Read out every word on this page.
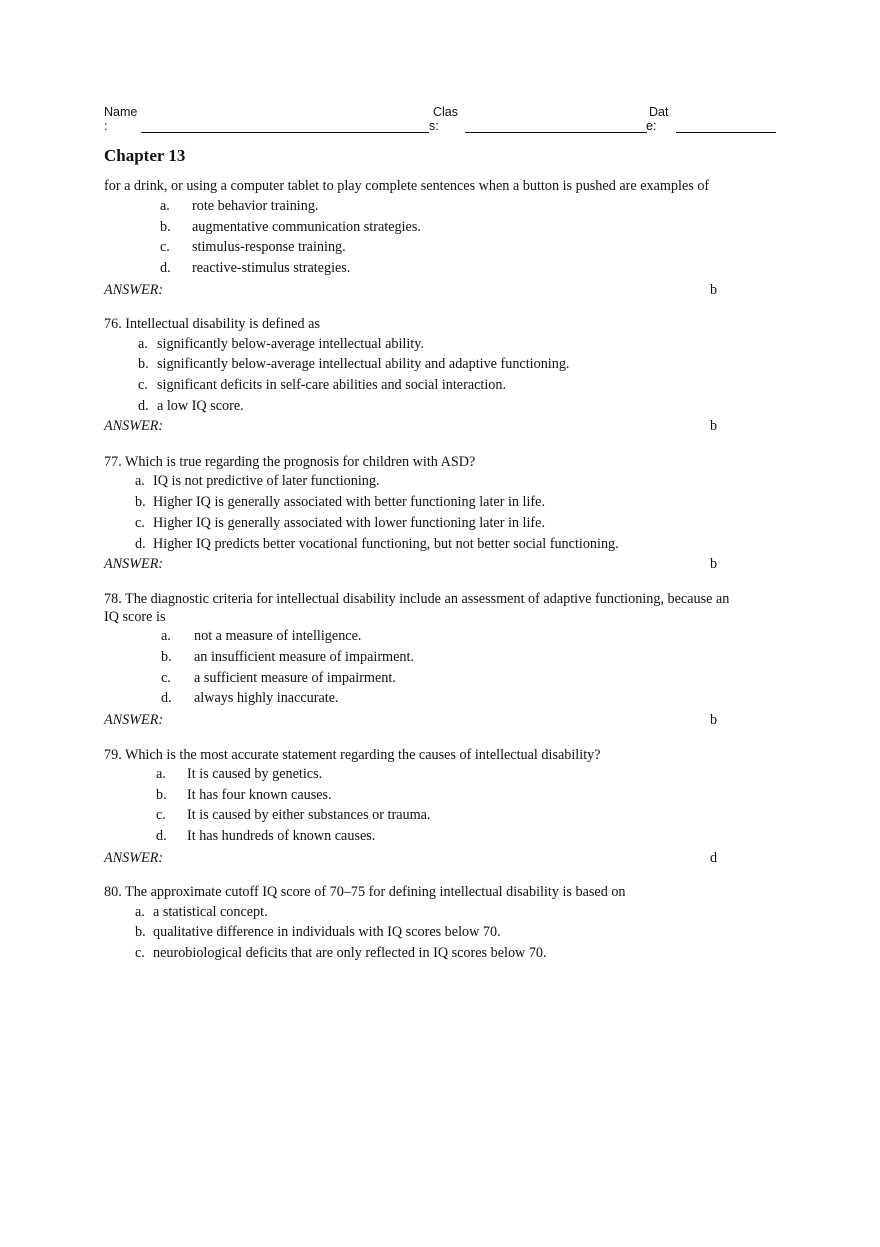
Name
:
Clas
s:
Dat
e:
Chapter 13
for a drink, or using a computer tablet to play complete sentences when a button is pushed are examples of
a. rote behavior training.
b. augmentative communication strategies.
c. stimulus-response training.
d. reactive-stimulus strategies.
ANSWER:	b
76. Intellectual disability is defined as
a. significantly below-average intellectual ability.
b. significantly below-average intellectual ability and adaptive functioning.
c. significant deficits in self-care abilities and social interaction.
d. a low IQ score.
ANSWER:	b
77. Which is true regarding the prognosis for children with ASD?
a. IQ is not predictive of later functioning.
b. Higher IQ is generally associated with better functioning later in life.
c. Higher IQ is generally associated with lower functioning later in life.
d. Higher IQ predicts better vocational functioning, but not better social functioning.
ANSWER:	b
78. The diagnostic criteria for intellectual disability include an assessment of adaptive functioning, because an
IQ score is
a. not a measure of intelligence.
b. an insufficient measure of impairment.
c. a sufficient measure of impairment.
d. always highly inaccurate.
ANSWER:	b
79. Which is the most accurate statement regarding the causes of intellectual disability?
a. It is caused by genetics.
b. It has four known causes.
c. It is caused by either substances or trauma.
d. It has hundreds of known causes.
ANSWER:	d
80. The approximate cutoff IQ score of 70–75 for defining intellectual disability is based on
a. a statistical concept.
b. qualitative difference in individuals with IQ scores below 70.
c. neurobiological deficits that are only reflected in IQ scores below 70.
